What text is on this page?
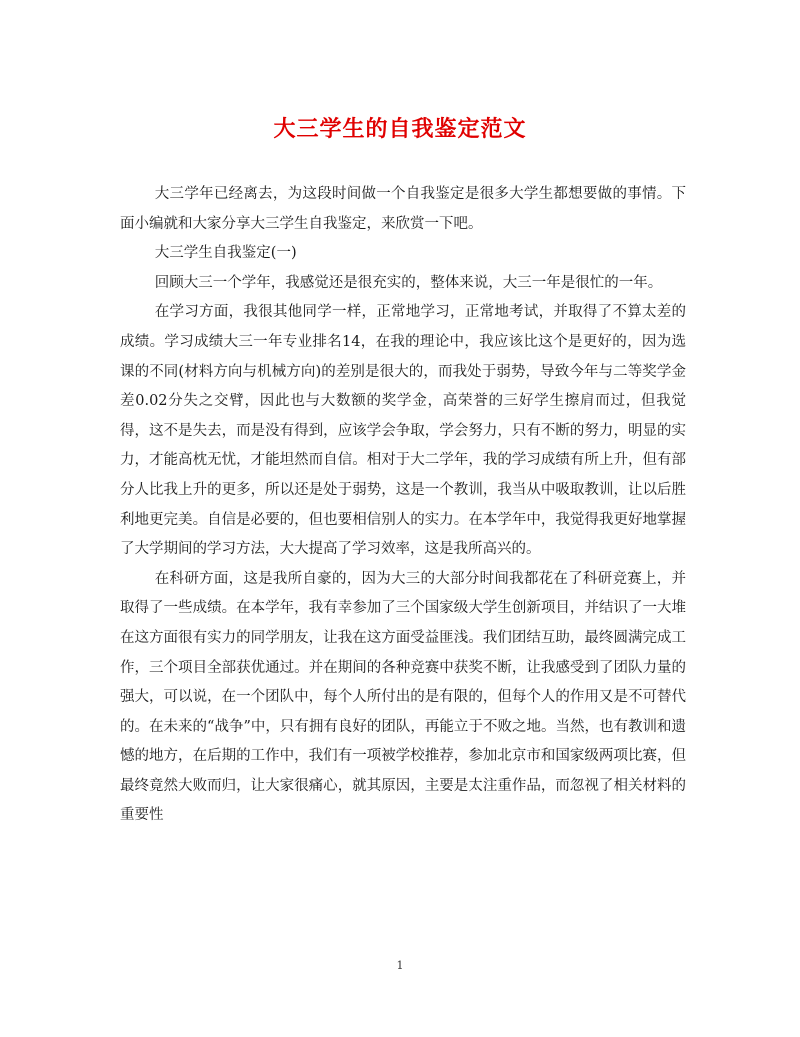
大三学生的自我鉴定范文

大三学年已经离去，为这段时间做一个自我鉴定是很多大学生都想要做的事情。下面小编就和大家分享大三学生自我鉴定，来欣赏一下吧。

大三学生自我鉴定(一)

回顾大三一个学年，我感觉还是很充实的，整体来说，大三一年是很忙的一年。

在学习方面，我很其他同学一样，正常地学习，正常地考试，并取得了不算太差的成绩。学习成绩大三一年专业排名14，在我的理论中，我应该比这个是更好的，因为选课的不同(材料方向与机械方向)的差别是很大的，而我处于弱势，导致今年与二等奖学金差0.02分失之交臂，因此也与大数额的奖学金，高荣誉的三好学生擦肩而过，但我觉得，这不是失去，而是没有得到，应该学会争取，学会努力，只有不断的努力，明显的实力，才能高枕无忧，才能坦然而自信。相对于大二学年，我的学习成绩有所上升，但有部分人比我上升的更多，所以还是处于弱势，这是一个教训，我当从中吸取教训，让以后胜利地更完美。自信是必要的，但也要相信别人的实力。在本学年中，我觉得我更好地掌握了大学期间的学习方法，大大提高了学习效率，这是我所高兴的。

在科研方面，这是我所自豪的，因为大三的大部分时间我都花在了科研竞赛上，并取得了一些成绩。在本学年，我有幸参加了三个国家级大学生创新项目，并结识了一大堆在这方面很有实力的同学朋友，让我在这方面受益匪浅。我们团结互助，最终圆满完成工作，三个项目全部获优通过。并在期间的各种竞赛中获奖不断，让我感受到了团队力量的强大，可以说，在一个团队中，每个人所付出的是有限的，但每个人的作用又是不可替代的。在未来的“战争”中，只有拥有良好的团队，再能立于不败之地。当然，也有教训和遗憾的地方，在后期的工作中，我们有一项被学校推荐，参加北京市和国家级两项比赛，但最终竟然大败而归，让大家很痛心，就其原因，主要是太注重作品，而忽视了相关材料的重要性

1
